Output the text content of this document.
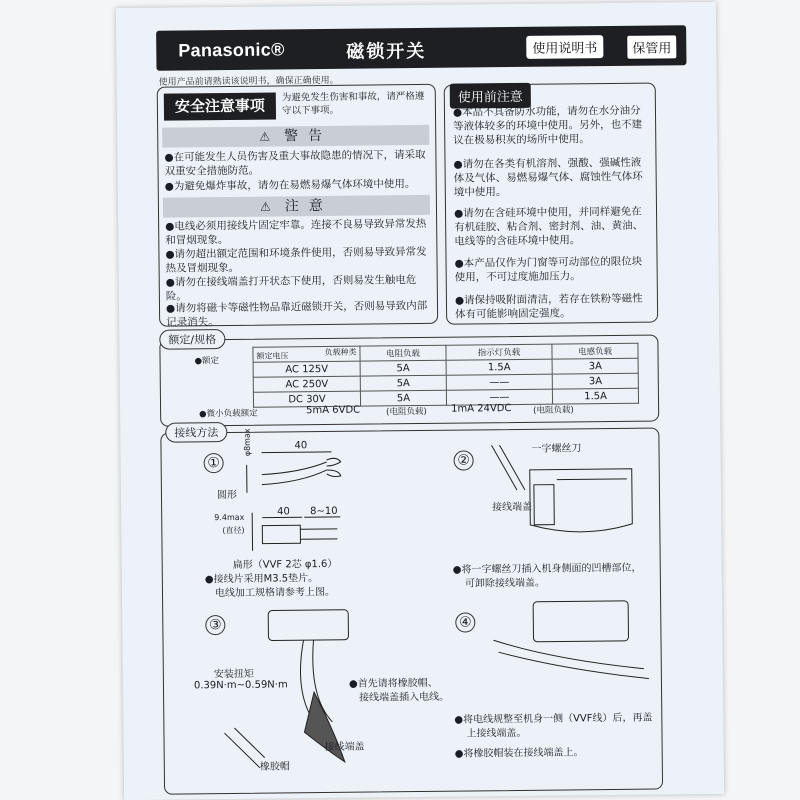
Panasonic®	磁锁开关	使用说明书	保管用
使用产品前请熟读该说明书，确保正确使用。
安全注意事项	为避免发生伤害和事故，请严格遵守以下事项。
⚠ 警告
●在可能发生人员伤害及重大事故隐患的情况下，请采取双重安全措施防范。
●为避免爆炸事故，请勿在易燃易爆气体环境中使用。
⚠ 注意
●电线必须用接线片固定牢靠。连接不良易导致异常发热和冒烟现象。
●请勿超出额定范围和环境条件使用，否则易导致异常发热及冒烟现象。
●请勿在接线端盖打开状态下使用，否则易发生触电危险。
●请勿将磁卡等磁性物品靠近磁锁开关，否则易导致内部记录消失。
使用前注意
●本品不具备防水功能，请勿在水分油分等液体较多的环境中使用。另外，也不建议在极易积灰的场所中使用。
●请勿在各类有机溶剂、强酸、强碱性液体及气体、易燃易爆气体、腐蚀性气体环境中使用。
●请勿在含硅环境中使用，并同样避免在有机硅胶、粘合剂、密封剂、油、黄油、电线等的含硅环境中使用。
●本产品仅作为门窗等可动部位的限位块使用，不可过度施加压力。
●请保持吸附面清洁，若存在铁粉等磁性体有可能影响固定强度。
●额定
负载种类
额定电压	电阻负载	指示灯负载	电感负载
AC 125V	5A	1.5A	3A
AC 250V	5A	——	3A
DC 30V	5A	——	1.5A
●微小负载额定	5mA 6VDC	(电阻负载) 1mA 24VDC	(电阻负载)
额定/规格
①	②
③	④
40
φ8max
圆形
9.4max
(直径)
40 8~10
扁形（VVF 2芯 φ1.6）
●接线片采用M3.5垫片。
电线加工规格请参考上图。
一字螺丝刀
接线端盖
●将一字螺丝刀插入机身侧面的凹槽部位，
可卸除接线端盖。
安装扭矩
0.39N·m~0.59N·m	●首先请将橡胶帽、
接线端盖插入电线。
接线端盖
橡胶帽
●将电线规整至机身一侧（VVF线）后，再盖
上接线端盖。
●将橡胶帽装在接线端盖上。
接线方法
